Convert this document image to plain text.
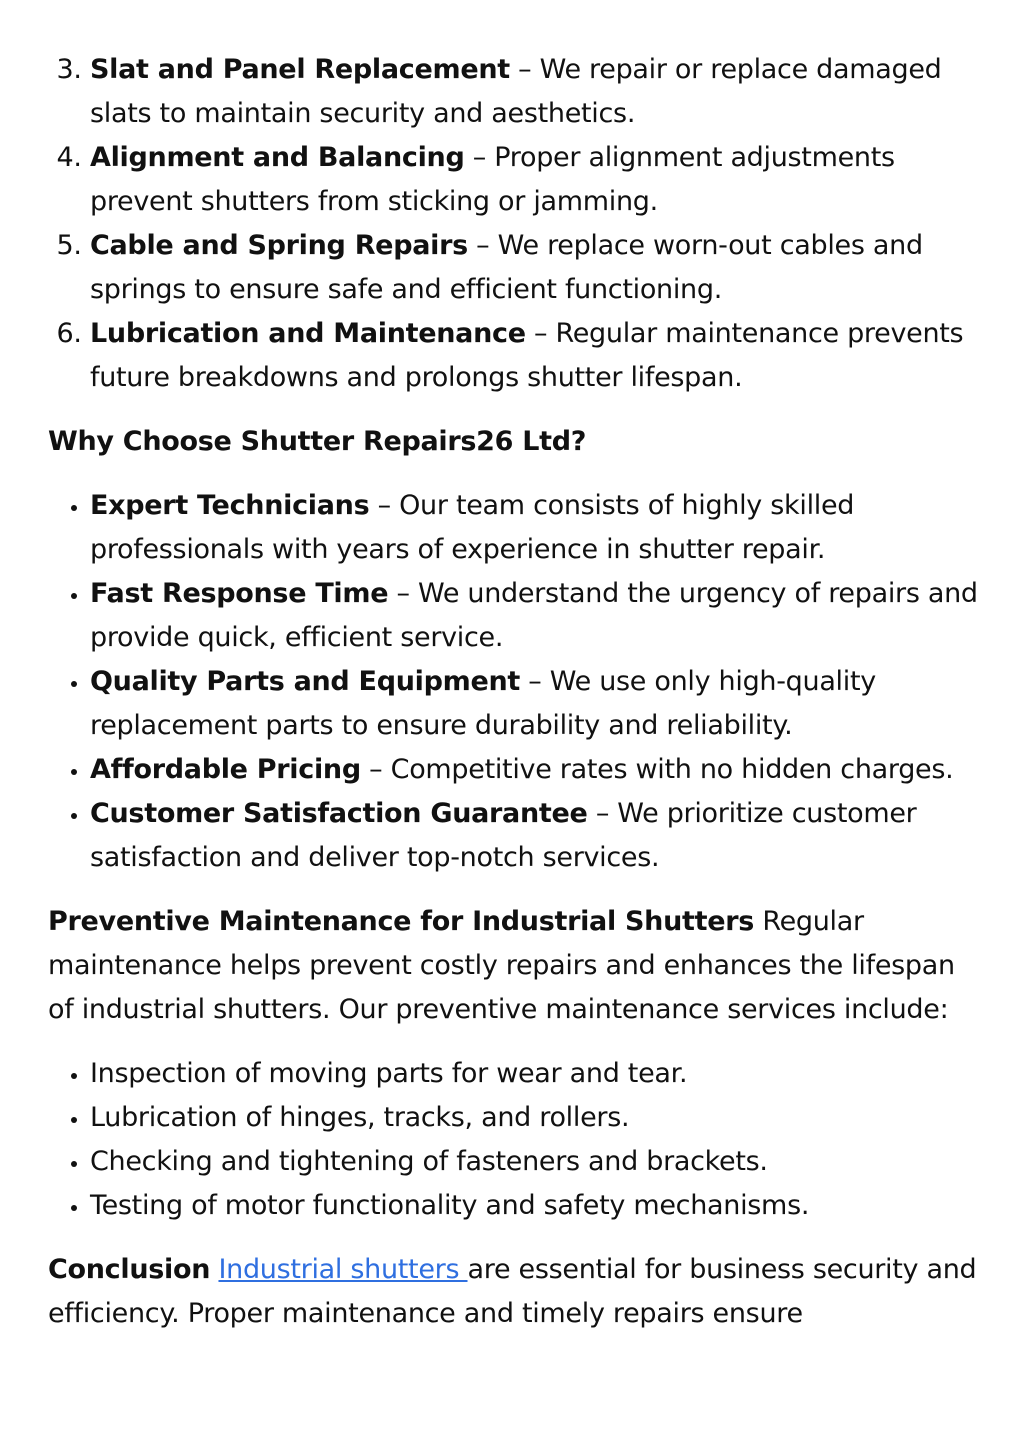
3. Slat and Panel Replacement – We repair or replace damaged slats to maintain security and aesthetics.
4. Alignment and Balancing – Proper alignment adjustments prevent shutters from sticking or jamming.
5. Cable and Spring Repairs – We replace worn-out cables and springs to ensure safe and efficient functioning.
6. Lubrication and Maintenance – Regular maintenance prevents future breakdowns and prolongs shutter lifespan.
Why Choose Shutter Repairs26 Ltd?
• Expert Technicians – Our team consists of highly skilled professionals with years of experience in shutter repair.
• Fast Response Time – We understand the urgency of repairs and provide quick, efficient service.
• Quality Parts and Equipment – We use only high-quality replacement parts to ensure durability and reliability.
• Affordable Pricing – Competitive rates with no hidden charges.
• Customer Satisfaction Guarantee – We prioritize customer satisfaction and deliver top-notch services.
Preventive Maintenance for Industrial Shutters Regular maintenance helps prevent costly repairs and enhances the lifespan of industrial shutters. Our preventive maintenance services include:
• Inspection of moving parts for wear and tear.
• Lubrication of hinges, tracks, and rollers.
• Checking and tightening of fasteners and brackets.
• Testing of motor functionality and safety mechanisms.
Conclusion Industrial shutters are essential for business security and efficiency. Proper maintenance and timely repairs ensure
